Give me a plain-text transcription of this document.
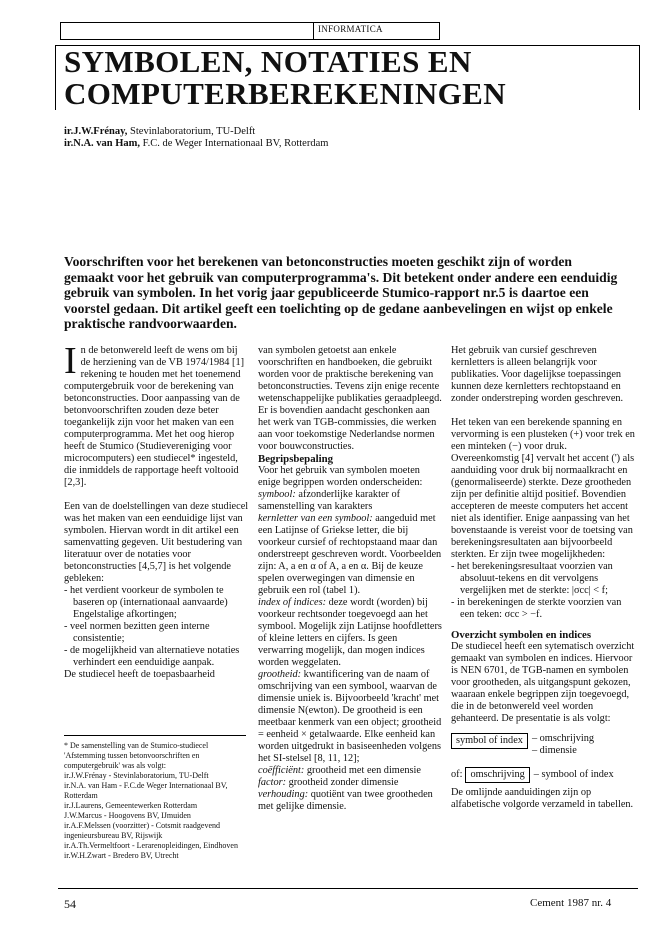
INFORMATICA
SYMBOLEN, NOTATIES EN
COMPUTERBEREKENINGEN
ir.J.W.Frénay, Stevinlaboratorium, TU-Delft
ir.N.A. van Ham, F.C. de Weger Internationaal BV, Rotterdam
Voorschriften voor het berekenen van betonconstructies moeten geschikt zijn of worden gemaakt voor het gebruik van computerprogramma's. Dit betekent onder andere een eenduidig gebruik van symbolen. In het vorig jaar gepubliceerde Stumico-rapport nr.5 is daartoe een voorstel gedaan. Dit artikel geeft een toelichting op de gedane aanbevelingen en wijst op enkele praktische randvoorwaarden.

In de betonwereld leeft de wens om bij de herziening van de VB 1974/1984 [1] rekening te houden met het toenemend computergebruik voor de berekening van betonconstructies. Door aanpassing van de betonvoorschriften zouden deze beter toegankelijk zijn voor het maken van een computerprogramma. Met het oog hierop heeft de Stumico (Studievereniging voor microcomputers) een studiecel* ingesteld, die inmiddels de rapportage heeft voltooid [2,3].

Een van de doelstellingen van deze studiecel was het maken van een eenduidige lijst van symbolen. Hiervan wordt in dit artikel een samenvatting gegeven. Uit bestudering van literatuur over de notaties voor betonconstructies [4,5,7] is het volgende gebleken:

- het verdient voorkeur de symbolen te baseren op (internationaal aanvaarde) Engelstalige afkortingen;

- veel normen bezitten geen interne consistentie;

- de mogelijkheid van alternatieve notaties verhindert een eenduidige aanpak.

De studiecel heeft de toepasbaarheid

* De samenstelling van de Stumico-studiecel 'Afstemming tussen betonvoorschriften en computergebruik' was als volgt:

ir.J.W.Frénay - Stevinlaboratorium, TU-Delft

ir.N.A. van Ham - F.C.de Weger Internationaal BV, Rotterdam

ir.J.Laurens, Gemeentewerken Rotterdam

J.W.Marcus - Hoogovens BV, IJmuiden

ir.A.F.Melssen (voorzitter) - Cotsmit raadgevend ingenieursbureau BV, Rijswijk

ir.A.Th.Vermeltfoort - Lerarenopleidingen, Eindhoven

ir.W.H.Zwart - Bredero BV, Utrecht

van symbolen getoetst aan enkele voorschriften en handboeken, die gebruikt worden voor de praktische berekening van betonconstructies. Tevens zijn enige recente wetenschappelijke publikaties geraadpleegd. Er is bovendien aandacht geschonken aan het werk van TGB-commissies, die werken aan voor toekomstige Nederlandse normen voor bouwconstructies.

Begripsbepaling

Voor het gebruik van symbolen moeten enige begrippen worden onderscheiden:

symbool: afzonderlijke karakter of samenstelling van karakters

kernletter van een symbool: aangeduid met een Latijnse of Griekse letter, die bij voorkeur cursief of rechtopstaand maar dan onderstreept geschreven wordt. Voorbeelden zijn: A, a en α of A, a en α. Bij de keuze spelen overwegingen van dimensie en gebruik een rol (tabel 1).

index of indices: deze wordt (worden) bij voorkeur rechtsonder toegevoegd aan het symbool. Mogelijk zijn Latijnse hoofdletters of kleine letters en cijfers. Is geen verwarring mogelijk, dan mogen indices worden weggelaten.

grootheid: kwantificering van de naam of omschrijving van een symbool, waarvan de dimensie uniek is. Bijvoorbeeld 'kracht' met dimensie N(ewton). De grootheid is een meetbaar kenmerk van een object; grootheid = eenheid × getalwaarde. Elke eenheid kan worden uitgedrukt in basiseenheden volgens het SI-stelsel [8, 11, 12];

coëfficiënt: grootheid met een dimensie

factor: grootheid zonder dimensie

verhouding: quotiënt van twee grootheden met gelijke dimensie.

Het gebruik van cursief geschreven kernletters is alleen belangrijk voor publikaties. Voor dagelijkse toepassingen kunnen deze kernletters rechtopstaand en zonder onderstreping worden geschreven.

Het teken van een berekende spanning en vervorming is een plusteken (+) voor trek en een minteken (−) voor druk. Overeenkomstig [4] vervalt het accent (') als aanduiding voor druk bij normaalkracht en (genormaliseerde) sterkte. Deze grootheden zijn per definitie altijd positief. Bovendien accepteren de meeste computers het accent niet als identifier. Enige aanpassing van het bovenstaande is vereist voor de toetsing van berekeningsresultaten aan bijvoorbeeld sterkten. Er zijn twee mogelijkheden:

- het berekeningsresultaat voorzien van absoluut-tekens en dit vervolgens vergelijken met de sterkte: |σcc| < f;

- in berekeningen de sterkte voorzien van een teken: σcc > −f.

Overzicht symbolen en indices

De studiecel heeft een sytematisch overzicht gemaakt van symbolen en indices. Hiervoor is NEN 6701, de TGB-namen en symbolen voor grootheden, als uitgangspunt gekozen, waaraan enkele begrippen zijn toegevoegd, die in de betonwereld veel worden gehanteerd. De presentatie is als volgt:

symbol of index – omschrijving
– dimensie
of: omschrijving – symbool of index

De omlijnde aanduidingen zijn op alfabetische volgorde verzameld in tabellen.

54	Cement 1987 nr. 4
